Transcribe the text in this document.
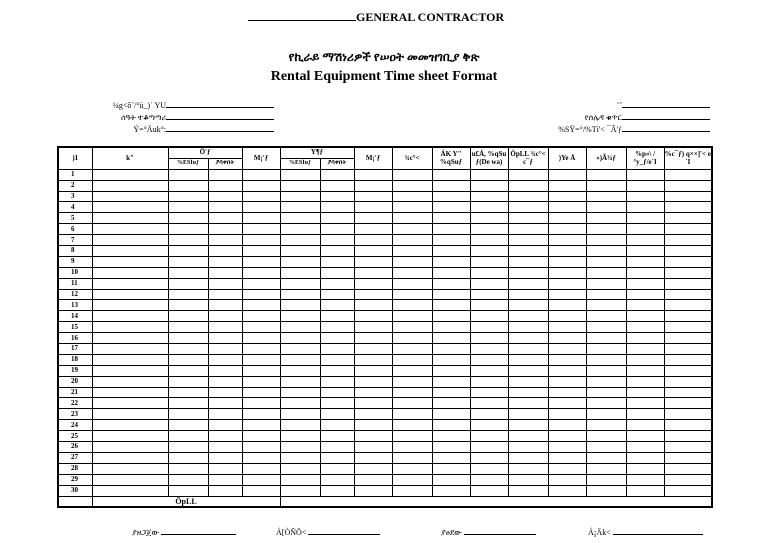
GENERAL CONTRACTOR
የኪራይ ማሽነሪዎች የሠዐት መመዝገቢያ ቅጽ
Rental Equipment Time sheet Format
¼g<ô´/°ù_)` YU
ሰዓት ተቆጣጣሪ
Ý=°Äuk°:
¨ˆ
የሰሌዳ ቁጥር
%SŸ=°/%Tì'< ¯Ã'ƒ
)1	k"	Ô'ƒ		M¡'ƒ	Y¶ƒ		M¡'ƒ	¾c°<	ÁK Y" %qSuƒ	u£Á, %qSu ƒ(De wa)	ÖpLL ¾c°< c¯ƒ	)Ye Å	»)Ã¾ƒ	%p«\ /°y_ƒ/e´I	%c¯ƒ) q××]'< e´I
		%ESÍuƒ	ያሳቀበት		%ESÍuƒ	ያሳቀበት									
1															
2															
3															
4															
5															
6															
7															
8															
9															
10															
11															
12															
13															
14															
15															
16															
17															
18															
19															
20															
21															
22															
23															
24															
25															
26															
27															
28															
29															
30															
	ÖpLL														
ያዘጋጀው	Á[ÒÑÖ<	ያፀደው	Á¡Äk<
